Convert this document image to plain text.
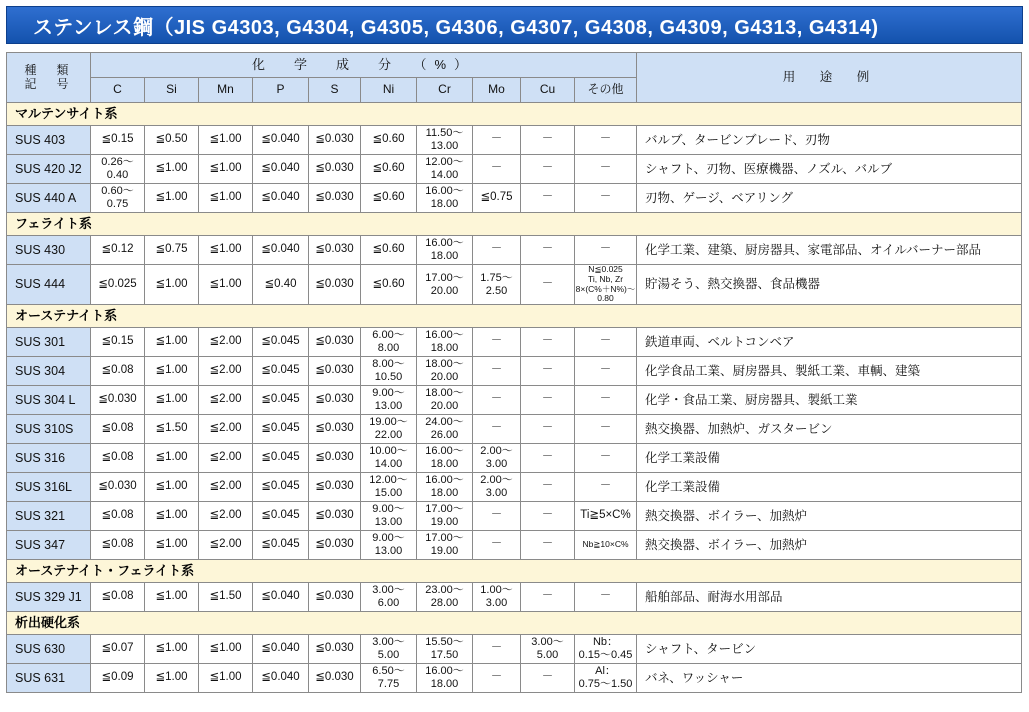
ステンレス鋼（JIS G4303, G4304, G4305, G4306, G4307, G4308, G4309, G4313, G4314)
種　類
記　号	化　学　成　分　（%）										用　途　例
	C	Si	Mn	P	S	Ni	Cr	Mo	Cu	その他	
マルテンサイト系											
SUS 403	≦0.15	≦0.50	≦1.00	≦0.040	≦0.030	≦0.60	11.50～
13.00	－	－	－	バルブ、タービンブレード、刃物
SUS 420 J2	0.26～
0.40	≦1.00	≦1.00	≦0.040	≦0.030	≦0.60	12.00～
14.00	－	－	－	シャフト、刃物、医療機器、ノズル、バルブ
SUS 440 A	0.60～
0.75	≦1.00	≦1.00	≦0.040	≦0.030	≦0.60	16.00～
18.00	≦0.75	－	－	刃物、ゲージ、ベアリング
フェライト系											
SUS 430	≦0.12	≦0.75	≦1.00	≦0.040	≦0.030	≦0.60	16.00～
18.00	－	－	－	化学工業、建築、厨房器具、家電部品、オイルバーナー部品
SUS 444	≦0.025	≦1.00	≦1.00	≦0.40	≦0.030	≦0.60	17.00～
20.00	1.75～
2.50	－	N≦0.025
Ti, Nb, Zr
8×(C%＋N%)～0.80	貯湯そう、熱交換器、食品機器
オーステナイト系											
SUS 301	≦0.15	≦1.00	≦2.00	≦0.045	≦0.030	6.00～
8.00	16.00～
18.00	－	－	－	鉄道車両、ベルトコンベア
SUS 304	≦0.08	≦1.00	≦2.00	≦0.045	≦0.030	8.00～
10.50	18.00～
20.00	－	－	－	化学食品工業、厨房器具、製紙工業、車輌、建築
SUS 304 L	≦0.030	≦1.00	≦2.00	≦0.045	≦0.030	9.00～
13.00	18.00～
20.00	－	－	－	化学・食品工業、厨房器具、製紙工業
SUS 310S	≦0.08	≦1.50	≦2.00	≦0.045	≦0.030	19.00～
22.00	24.00～
26.00	－	－	－	熱交換器、加熱炉、ガスタービン
SUS 316	≦0.08	≦1.00	≦2.00	≦0.045	≦0.030	10.00～
14.00	16.00～
18.00	2.00～
3.00	－	－	化学工業設備
SUS 316L	≦0.030	≦1.00	≦2.00	≦0.045	≦0.030	12.00～
15.00	16.00～
18.00	2.00～
3.00	－	－	化学工業設備
SUS 321	≦0.08	≦1.00	≦2.00	≦0.045	≦0.030	9.00～
13.00	17.00～
19.00	－	－	Ti≧5×C%	熱交換器、ボイラー、加熱炉
SUS 347	≦0.08	≦1.00	≦2.00	≦0.045	≦0.030	9.00～
13.00	17.00～
19.00	－	－	Nb≧10×C%	熱交換器、ボイラー、加熱炉
オーステナイト・フェライト系											
SUS 329 J1	≦0.08	≦1.00	≦1.50	≦0.040	≦0.030	3.00～
6.00	23.00～
28.00	1.00～
3.00	－	－	船舶部品、耐海水用部品
析出硬化系											
SUS 630	≦0.07	≦1.00	≦1.00	≦0.040	≦0.030	3.00～
5.00	15.50～
17.50	－	3.00～
5.00	Nb：
0.15～0.45	シャフト、タービン
SUS 631	≦0.09	≦1.00	≦1.00	≦0.040	≦0.030	6.50～
7.75	16.00～
18.00	－	－	Al：
0.75～1.50	バネ、ワッシャー
